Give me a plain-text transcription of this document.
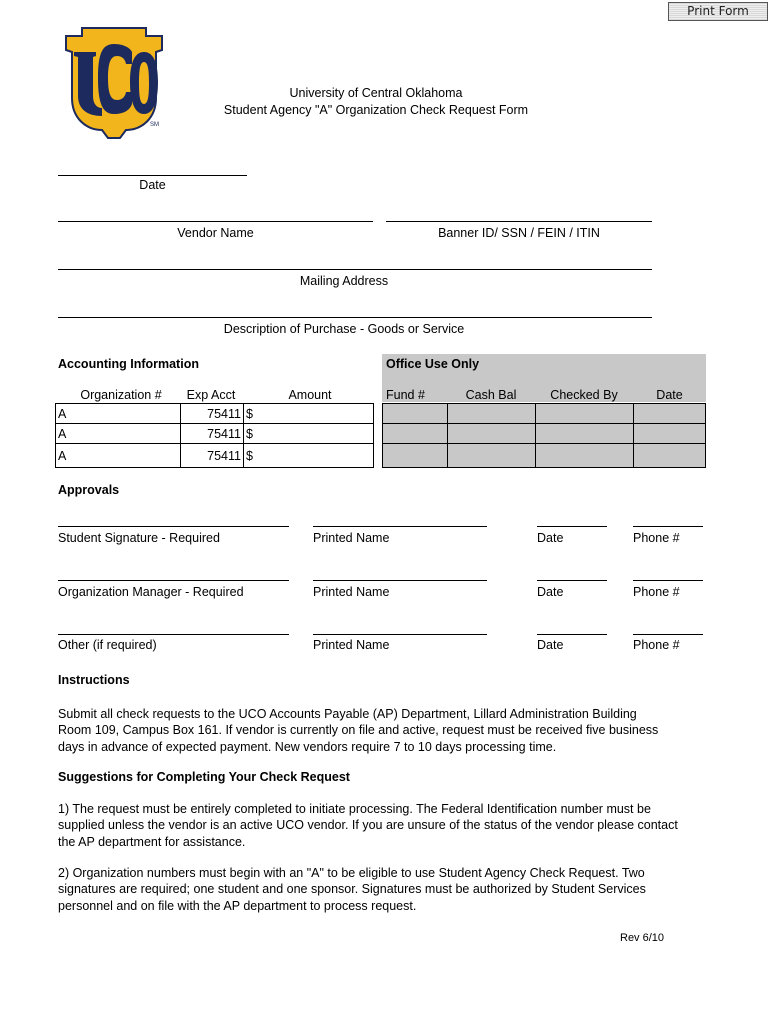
Print Form
SM
University of Central Oklahoma
Student Agency "A" Organization Check Request Form
Date
Vendor Name	Banner ID/ SSN / FEIN / ITIN
Mailing Address
Description of Purchase - Goods or Service
Accounting Information	Office Use Only
Organization #	Exp Acct	Amount	Fund #	Cash Bal	Checked By	Date
A	75411	$
A	75411	$
A	75411	$

Approvals
Student Signature - Required	Printed Name	Date	Phone #
Organization Manager - Required	Printed Name	Date	Phone #
Other (if required)	Printed Name	Date	Phone #
Instructions

Submit all check requests to the UCO Accounts Payable (AP) Department, Lillard Administration Building
Room 109, Campus Box 161. If vendor is currently on file and active, request must be received five business
days in advance of expected payment. New vendors require 7 to 10 days processing time.

Suggestions for Completing Your Check Request

1) The request must be entirely completed to initiate processing. The Federal Identification number must be
supplied unless the vendor is an active UCO vendor. If you are unsure of the status of the vendor please contact
the AP department for assistance.

2) Organization numbers must begin with an "A" to be eligible to use Student Agency Check Request. Two
signatures are required; one student and one sponsor. Signatures must be authorized by Student Services
personnel and on file with the AP department to process request.

Rev 6/10
